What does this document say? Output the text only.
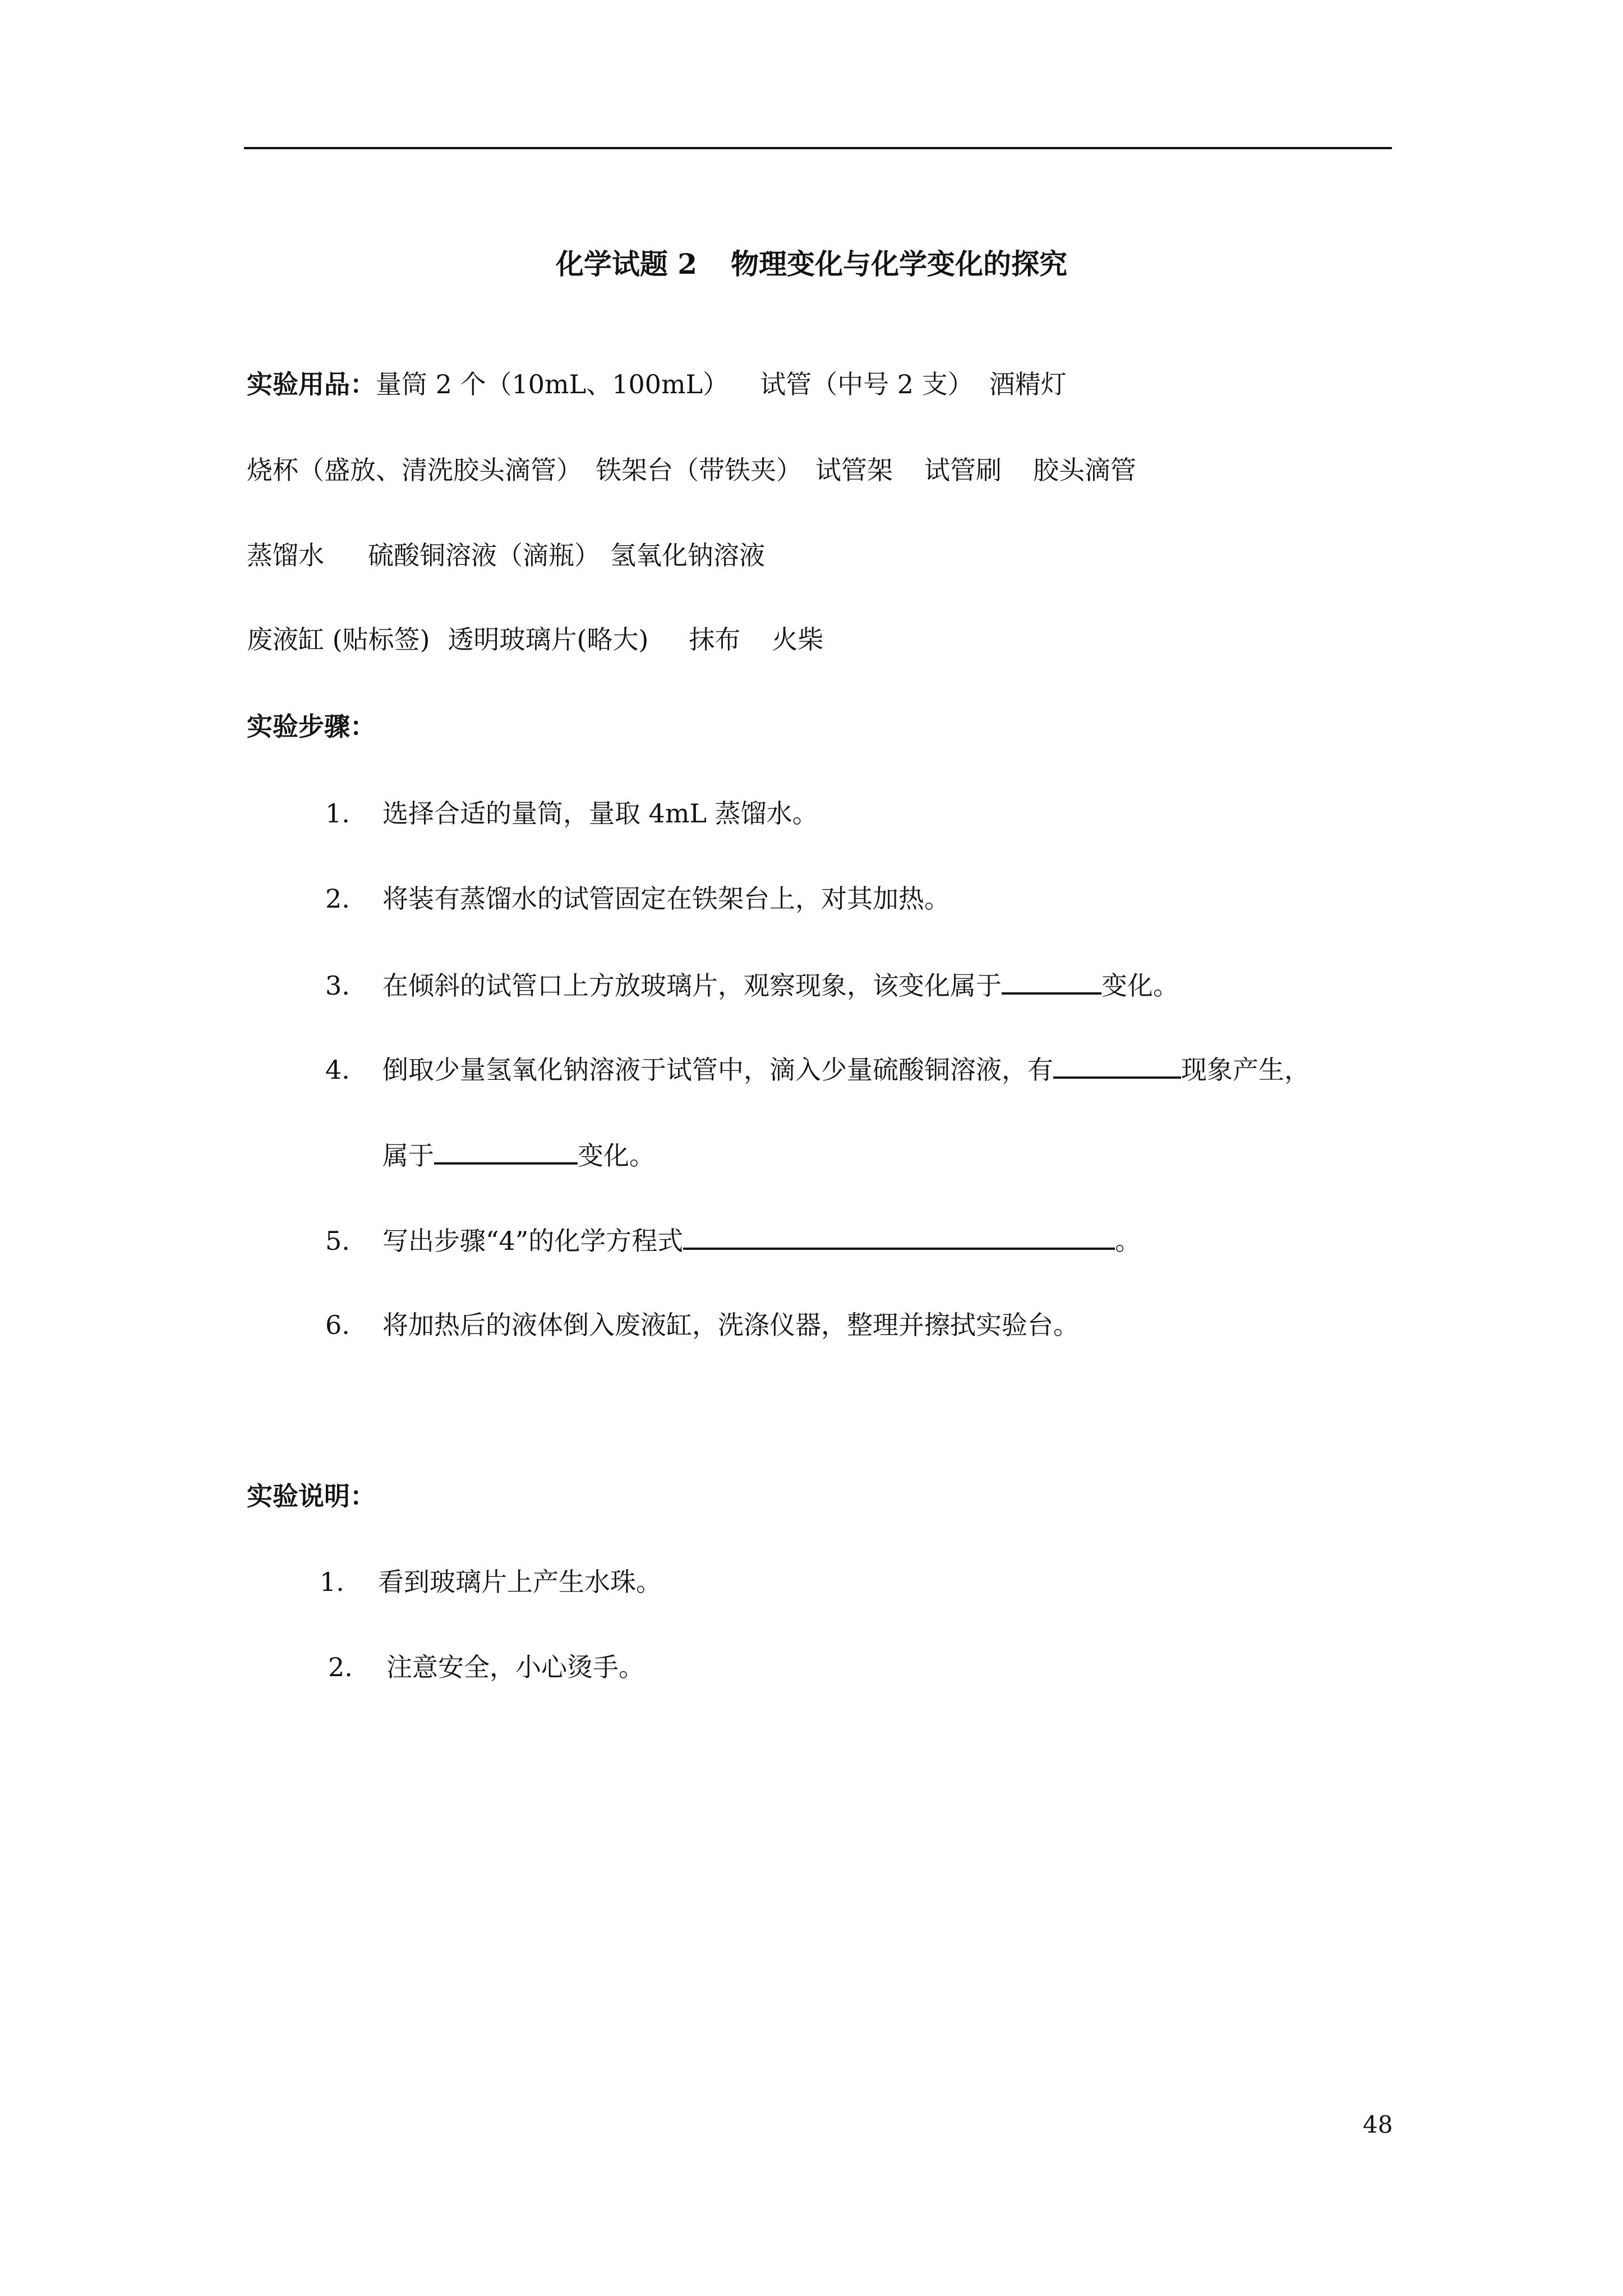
化学试题 2 物理变化与化学变化的探究
实验用品：量筒 2 个（10mL、100mL） 试管（中号 2 支） 酒精灯
烧杯（盛放、清洗胶头滴管） 铁架台（带铁夹） 试管架 试管刷 胶头滴管
蒸馏水 硫酸铜溶液（滴瓶） 氢氧化钠溶液
废液缸 (贴标签) 透明玻璃片(略大) 抹布 火柴
实验步骤：
1. 选择合适的量筒，量取 4mL 蒸馏水。
2. 将装有蒸馏水的试管固定在铁架台上，对其加热。
3. 在倾斜的试管口上方放玻璃片，观察现象，该变化属于	变化。
4. 倒取少量氢氧化钠溶液于试管中，滴入少量硫酸铜溶液，有	现象产生，
属于	变化。
5. 写出步骤“4”的化学方程式	。
6. 将加热后的液体倒入废液缸，洗涤仪器，整理并擦拭实验台。
实验说明：
1. 看到玻璃片上产生水珠。
2. 注意安全，小心烫手。
48
